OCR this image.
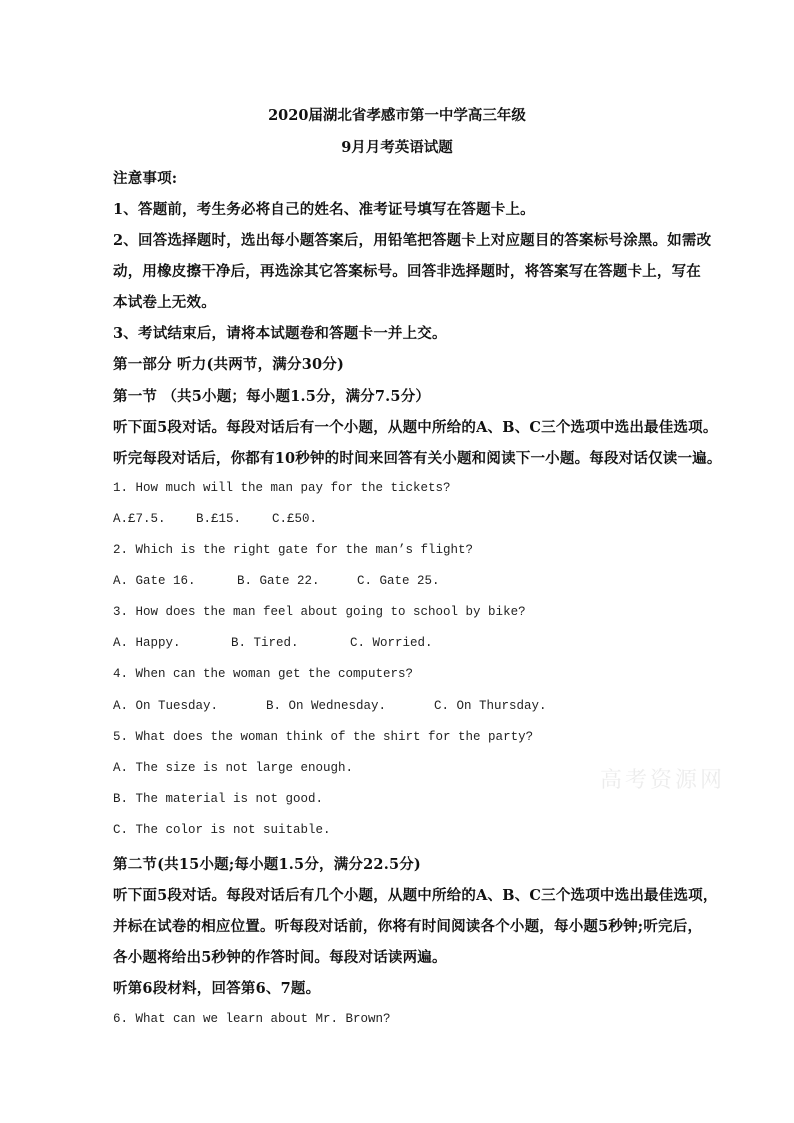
2020届湖北省孝感市第一中学高三年级
9月月考英语试题
注意事项:
1、答题前，考生务必将自己的姓名、准考证号填写在答题卡上。
2、回答选择题时，选出每小题答案后，用铅笔把答题卡上对应题目的答案标号涂黑。如需改
动，用橡皮擦干净后，再选涂其它答案标号。回答非选择题时，将答案写在答题卡上，写在
本试卷上无效。
3、考试结束后，请将本试题卷和答题卡一并上交。
第一部分 听力(共两节，满分30分)
第一节 （共5小题；每小题1.5分，满分7.5分）
听下面5段对话。每段对话后有一个小题，从题中所给的A、B、C三个选项中选出最佳选项。
听完每段对话后，你都有10秒钟的时间来回答有关小题和阅读下一小题。每段对话仅读一遍。
1. How much will the man pay for the tickets?
A.£7.5. B.£15. C.£50.
2. Which is the right gate for the man’s flight?
A. Gate 16.	B. Gate 22.	C. Gate 25.
3. How does the man feel about going to school by bike?
A. Happy.	B. Tired.	C. Worried.
4. When can the woman get the computers?
A. On Tuesday.	B. On Wednesday.	C. On Thursday.
5. What does the woman think of the shirt for the party?
A. The size is not large enough.
B. The material is not good.
C. The color is not suitable.
第二节(共15小题;每小题1.5分，满分22.5分)
听下面5段对话。每段对话后有几个小题，从题中所给的A、B、C三个选项中选出最佳选项，
并标在试卷的相应位置。听每段对话前，你将有时间阅读各个小题，每小题5秒钟;听完后，
各小题将给出5秒钟的作答时间。每段对话读两遍。
听第6段材料，回答第6、7题。
6. What can we learn about Mr. Brown?
高考资源网
